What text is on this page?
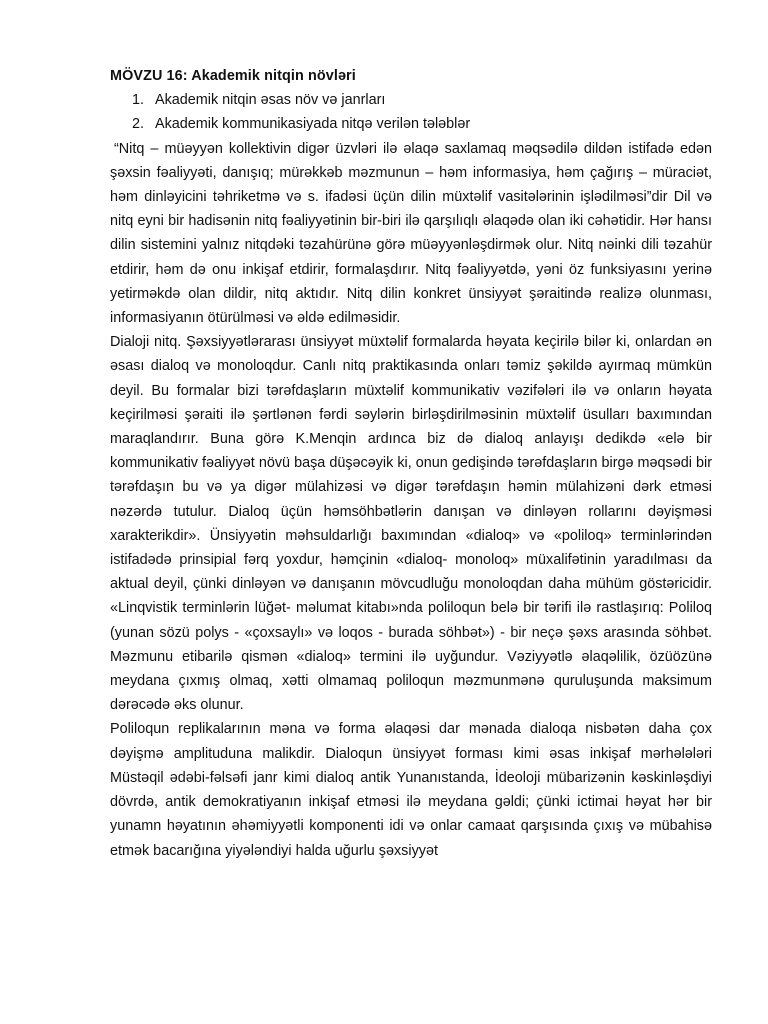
MÖVZU 16: Akademik nitqin növləri

1. Akademik nitqin əsas növ və janrları
2. Akademik kommunikasiyada nitqə verilən tələblər

“Nitq – müəyyən kollektivin digər üzvləri ilə əlaqə saxlamaq məqsədilə dildən istifadə edən şəxsin fəaliyyəti, danışıq; mürəkkəb məzmunun – həm informasiya, həm çağırış – müraciət, həm dinləyicini təhriketmə və s. ifadəsi üçün dilin müxtəlif vasitələrinin işlədilməsi”dir Dil və nitq eyni bir hadisənin nitq fəaliyyətinin bir-biri ilə qarşılıqlı əlaqədə olan iki cəhətidir. Hər hansı dilin sistemini yalnız nitqdəki təzahürünə görə müəyyənləşdirmək olur. Nitq nəinki dili təzahür etdirir, həm də onu inkişaf etdirir, formalaşdırır. Nitq fəaliyyətdə, yəni öz funksiyasını yerinə yetirməkdə olan dildir, nitq aktıdır. Nitq dilin konkret ünsiyyət şəraitində realizə olunması, informasiyanın ötürülməsi və əldə edilməsidir.

Dialoji nitq. Şəxsiyyətlərarası ünsiyyət müxtəlif formalarda həyata keçirilə bilər ki, onlardan ən əsası dialoq və monoloqdur. Canlı nitq praktikasında onları təmiz şəkildə ayırmaq mümkün deyil. Bu formalar bizi tərəfdaşların müxtəlif kommunikativ vəzifələri ilə və onların həyata keçirilməsi şəraiti ilə şərtlənən fərdi səylərin birləşdirilməsinin müxtəlif üsulları baxımından maraqlandırır. Buna görə K.Menqin ardınca biz də dialoq anlayışı dedikdə «elə bir kommunikativ fəaliyyət növü başa düşəcəyik ki, onun gedişində tərəfdaşların birgə məqsədi bir tərəfdaşın bu və ya digər mülahizəsi və digər tərəfdaşın həmin mülahizəni dərk etməsi nəzərdə tutulur. Dialoq üçün həmsöhbətlərin danışan və dinləyən rollarını dəyişməsi xarakterikdir». Ünsiyyətin məhsuldarlığı baxımından «dialoq» və «poliloq» terminlərindən istifadədə prinsipial fərq yoxdur, həmçinin «dialoq- monoloq» müxalifətinin yaradılması da aktual deyil, çünki dinləyən və danışanın mövcudluğu monoloqdan daha mühüm göstəricidir. «Linqvistik terminlərin lüğət- məlumat kitabı»nda poliloqun belə bir tərifi ilə rastlaşırıq: Poliloq (yunan sözü polys - «çoxsaylı» və loqos - burada söhbət») - bir neçə şəxs arasında söhbət. Məzmunu etibarilə qismən «dialoq» termini ilə uyğundur. Vəziyyətlə əlaqəlilik, özüözünə meydana çıxmış olmaq, xətti olmamaq poliloqun məzmunmənə quruluşunda maksimum dərəcədə əks olunur.

Poliloqun replikalarının məna və forma əlaqəsi dar mənada dialoqa nisbətən daha çox dəyişmə amplituduna malikdir. Dialoqun ünsiyyət forması kimi əsas inkişaf mərhələləri Müstəqil ədəbi-fəlsəfi janr kimi dialoq antik Yunanıstanda, İdeoloji mübarizənin kəskinləşdiyi dövrdə, antik demokratiyanın inkişaf etməsi ilə meydana gəldi; çünki ictimai həyat hər bir yunamn həyatının əhəmiyyətli komponenti idi və onlar camaat qarşısında çıxış və mübahisə etmək bacarığına yiyələndiyi halda uğurlu şəxsiyyət
